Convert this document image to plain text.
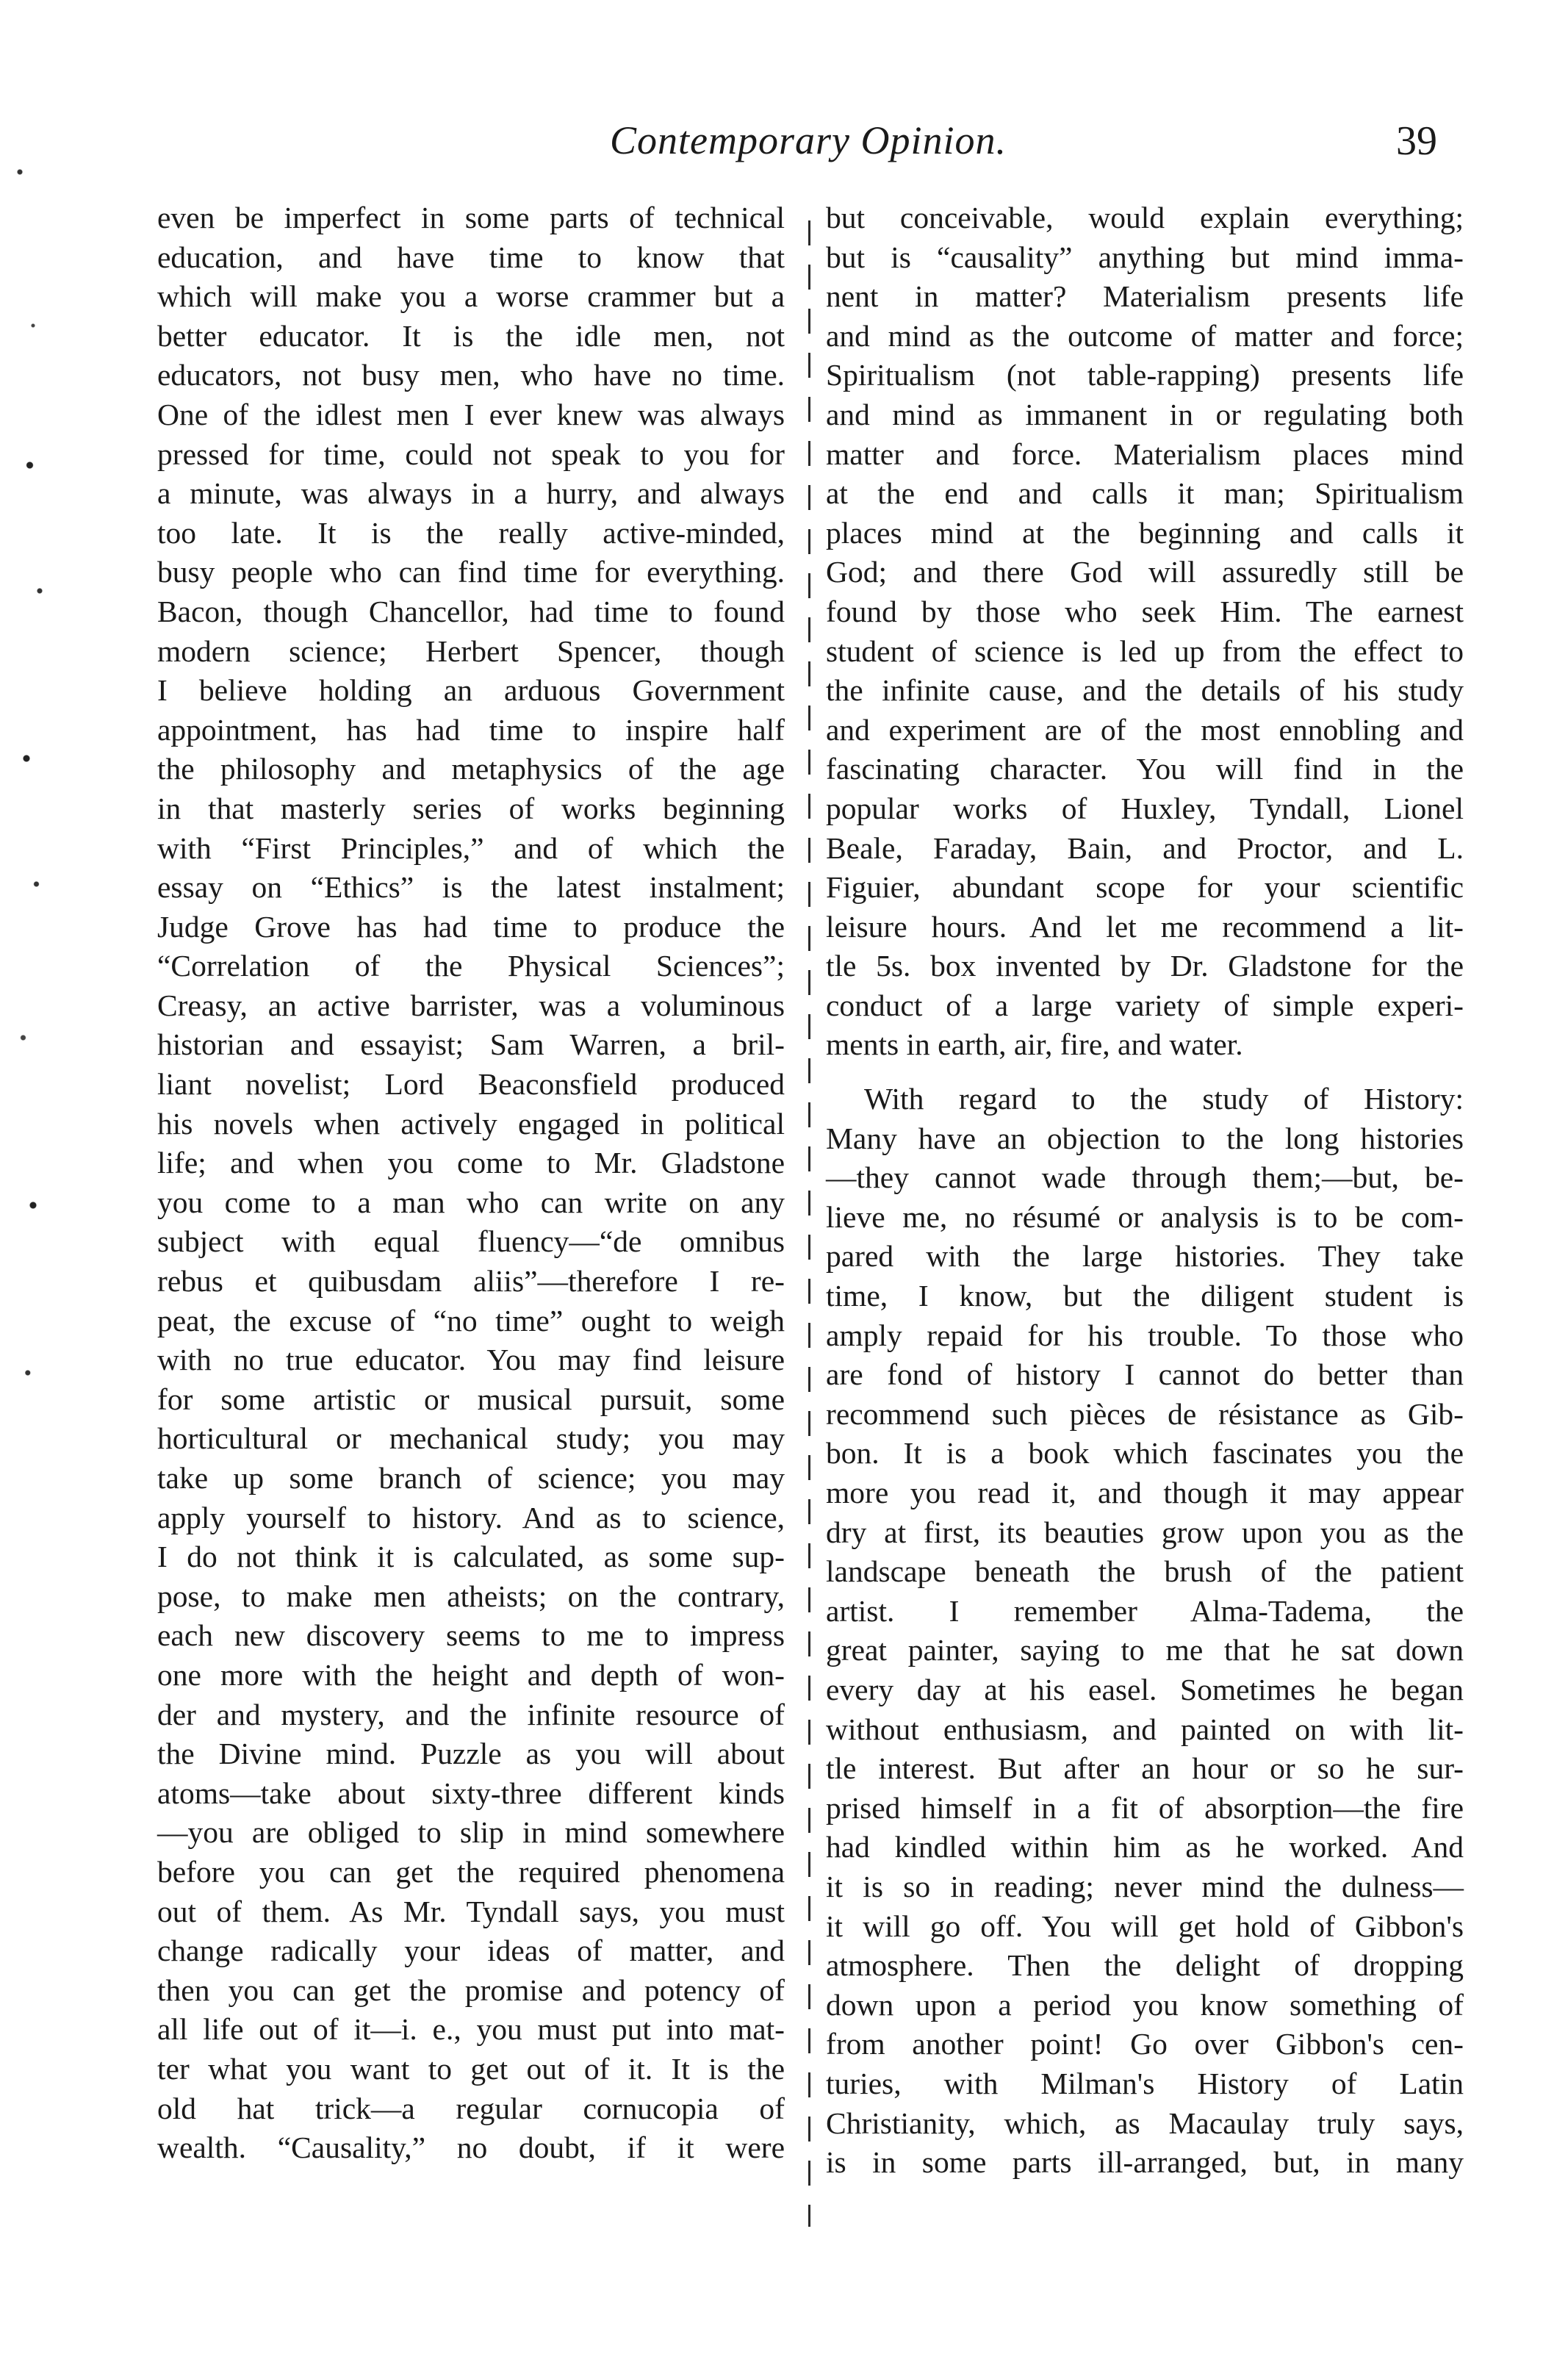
Contemporary Opinion.	39
even be imperfect in some parts of technical
education, and have time to know that
which will make you a worse crammer but a
better educator. It is the idle men, not
educators, not busy men, who have no time.
One of the idlest men I ever knew was always
pressed for time, could not speak to you for
a minute, was always in a hurry, and always
too late. It is the really active-minded,
busy people who can find time for everything.
Bacon, though Chancellor, had time to found
modern science; Herbert Spencer, though
I believe holding an arduous Government
appointment, has had time to inspire half
the philosophy and metaphysics of the age
in that masterly series of works beginning
with “First Principles,” and of which the
essay on “Ethics” is the latest instalment;
Judge Grove has had time to produce the
“Correlation of the Physical Sciences”;
Creasy, an active barrister, was a voluminous
historian and essayist; Sam Warren, a bril-
liant novelist; Lord Beaconsfield produced
his novels when actively engaged in political
life; and when you come to Mr. Gladstone
you come to a man who can write on any
subject with equal fluency—“de omnibus
rebus et quibusdam aliis”—therefore I re-
peat, the excuse of “no time” ought to weigh
with no true educator. You may find leisure
for some artistic or musical pursuit, some
horticultural or mechanical study; you may
take up some branch of science; you may
apply yourself to history. And as to science,
I do not think it is calculated, as some sup-
pose, to make men atheists; on the contrary,
each new discovery seems to me to impress
one more with the height and depth of won-
der and mystery, and the infinite resource of
the Divine mind. Puzzle as you will about
atoms—take about sixty-three different kinds
—you are obliged to slip in mind somewhere
before you can get the required phenomena
out of them. As Mr. Tyndall says, you must
change radically your ideas of matter, and
then you can get the promise and potency of
all life out of it—i. e., you must put into mat-
ter what you want to get out of it. It is the
old hat trick—a regular cornucopia of
wealth. “Causality,” no doubt, if it were
but conceivable, would explain everything;
but is “causality” anything but mind imma-
nent in matter? Materialism presents life
and mind as the outcome of matter and force;
Spiritualism (not table-rapping) presents life
and mind as immanent in or regulating both
matter and force. Materialism places mind
at the end and calls it man; Spiritualism
places mind at the beginning and calls it
God; and there God will assuredly still be
found by those who seek Him. The earnest
student of science is led up from the effect to
the infinite cause, and the details of his study
and experiment are of the most ennobling and
fascinating character. You will find in the
popular works of Huxley, Tyndall, Lionel
Beale, Faraday, Bain, and Proctor, and L.
Figuier, abundant scope for your scientific
leisure hours. And let me recommend a lit-
tle 5s. box invented by Dr. Gladstone for the
conduct of a large variety of simple experi-
ments in earth, air, fire, and water.
With regard to the study of History:
Many have an objection to the long histories
—they cannot wade through them;—but, be-
lieve me, no résumé or analysis is to be com-
pared with the large histories. They take
time, I know, but the diligent student is
amply repaid for his trouble. To those who
are fond of history I cannot do better than
recommend such pièces de résistance as Gib-
bon. It is a book which fascinates you the
more you read it, and though it may appear
dry at first, its beauties grow upon you as the
landscape beneath the brush of the patient
artist. I remember Alma-Tadema, the
great painter, saying to me that he sat down
every day at his easel. Sometimes he began
without enthusiasm, and painted on with lit-
tle interest. But after an hour or so he sur-
prised himself in a fit of absorption—the fire
had kindled within him as he worked. And
it is so in reading; never mind the dulness—
it will go off. You will get hold of Gibbon's
atmosphere. Then the delight of dropping
down upon a period you know something of
from another point! Go over Gibbon's cen-
turies, with Milman's History of Latin
Christianity, which, as Macaulay truly says,
is in some parts ill-arranged, but, in many
